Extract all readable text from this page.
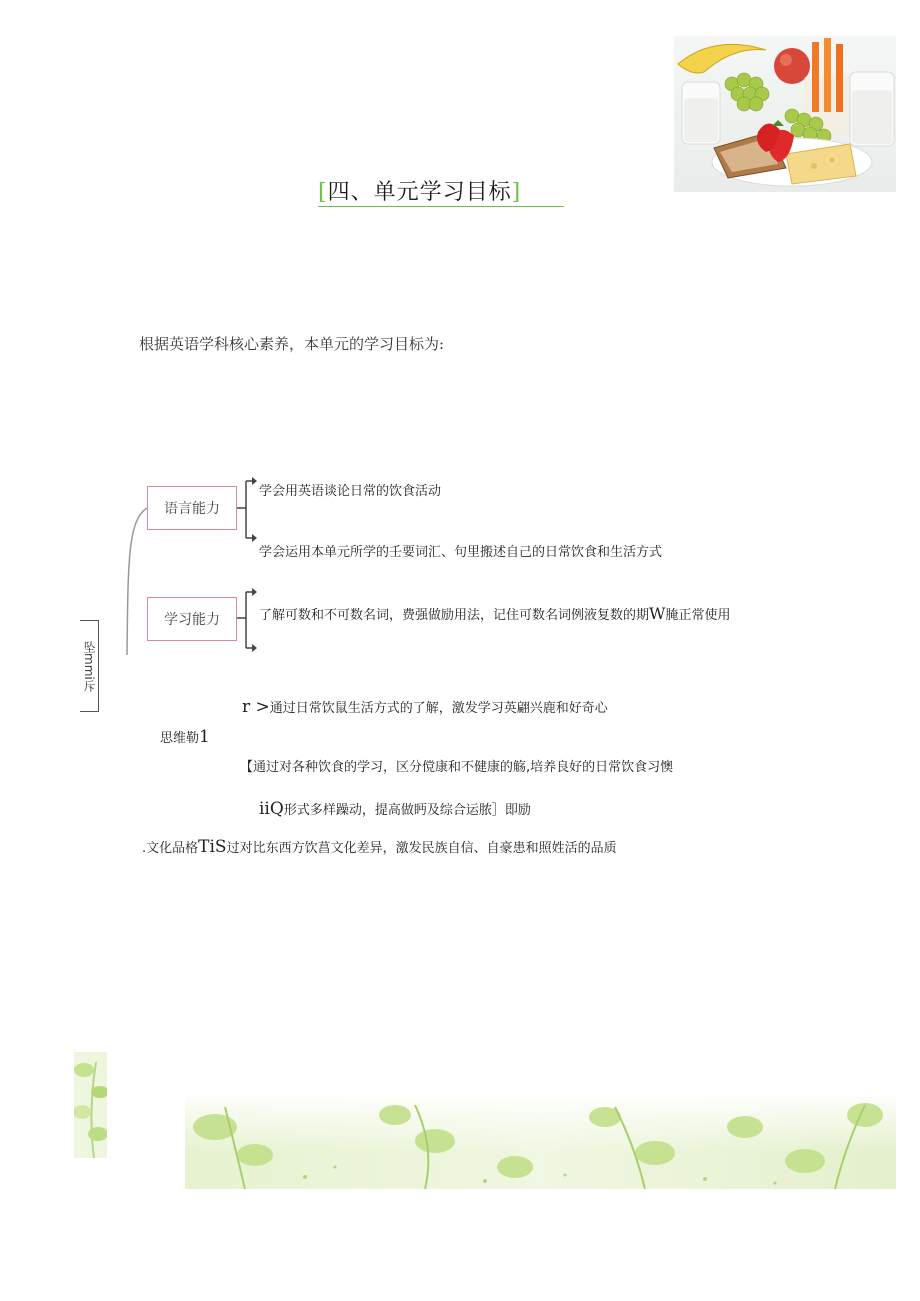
[四、单元学习目标]
根据英语学科核心素养，本单元的学习目标为:
语言能力
学习能力
学会用英语谈论日常的饮食活动
学会运用本单元所学的壬要词汇、句里搬述自己的日常饮食和生活方式
了解可数和不可数名词，费强做励用法，记住可数名词例液复数的期W腌正常使用
坠mmi斥
r >通过日常饮鼠生活方式的了解，激发学习英翩兴鹿和好奇心
思维勒1
【通过对各种饮食的学习，区分傥康和不健康的觞,培养良好的日常饮食习懊
iiQ形式多样躁动，提高做眄及综合运脓］即励
.文化品格TiS过对比东西方饮菖文化差异，激发民族自信、自豪患和照姓活的品质
